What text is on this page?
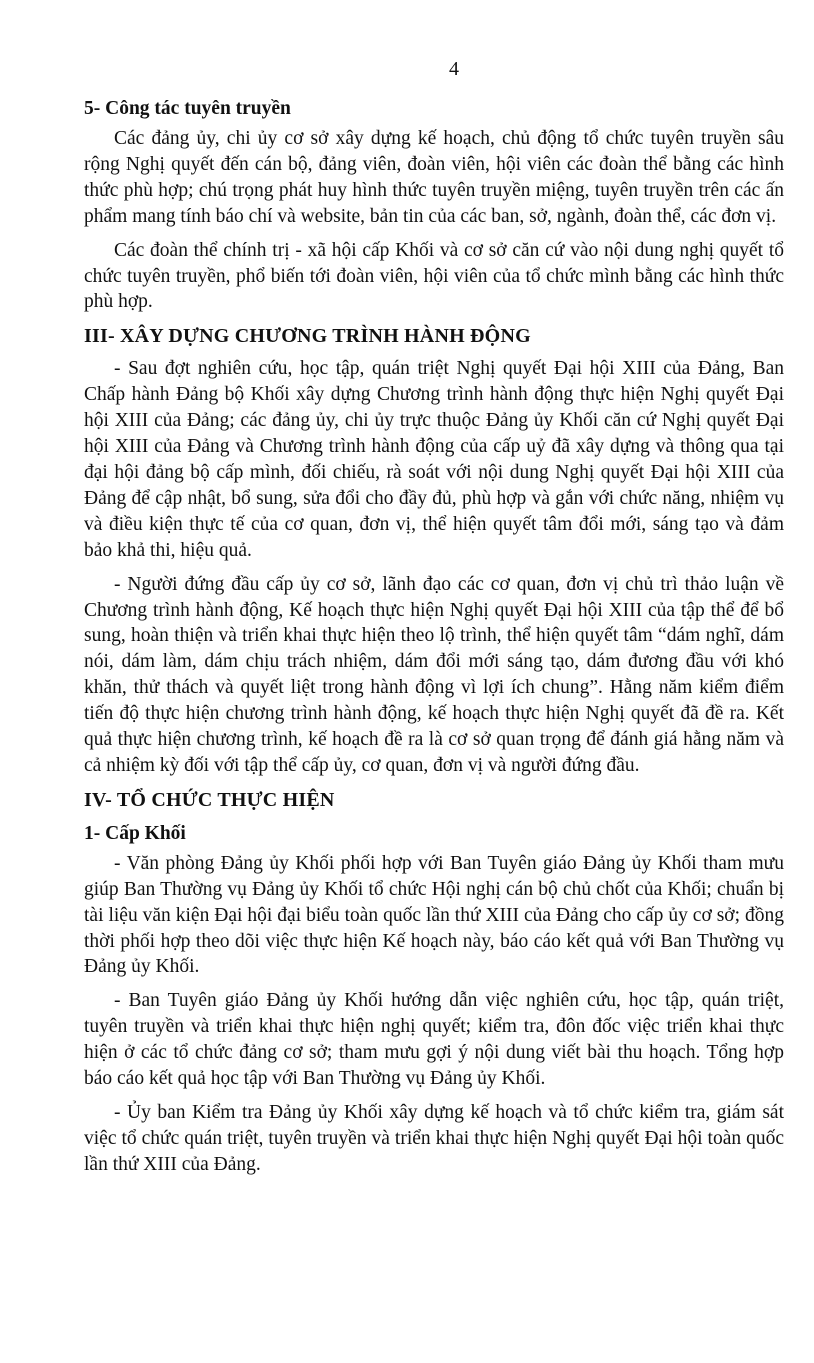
4
5- Công tác tuyên truyền

Các đảng ủy, chi ủy cơ sở xây dựng kế hoạch, chủ động tổ chức tuyên truyền sâu rộng Nghị quyết đến cán bộ, đảng viên, đoàn viên, hội viên các đoàn thể bằng các hình thức phù hợp; chú trọng phát huy hình thức tuyên truyền miệng, tuyên truyền trên các ấn phẩm mang tính báo chí và website, bản tin của các ban, sở, ngành, đoàn thể, các đơn vị.

Các đoàn thể chính trị - xã hội cấp Khối và cơ sở căn cứ vào nội dung nghị quyết tổ chức tuyên truyền, phổ biến tới đoàn viên, hội viên của tổ chức mình bằng các hình thức phù hợp.

III- XÂY DỰNG CHƯƠNG TRÌNH HÀNH ĐỘNG

- Sau đợt nghiên cứu, học tập, quán triệt Nghị quyết Đại hội XIII của Đảng, Ban Chấp hành Đảng bộ Khối xây dựng Chương trình hành động thực hiện Nghị quyết Đại hội XIII của Đảng; các đảng ủy, chi ủy trực thuộc Đảng ủy Khối căn cứ Nghị quyết Đại hội XIII của Đảng và Chương trình hành động của cấp uỷ đã xây dựng và thông qua tại đại hội đảng bộ cấp mình, đối chiếu, rà soát với nội dung Nghị quyết Đại hội XIII của Đảng để cập nhật, bổ sung, sửa đổi cho đầy đủ, phù hợp và gắn với chức năng, nhiệm vụ và điều kiện thực tế của cơ quan, đơn vị, thể hiện quyết tâm đổi mới, sáng tạo và đảm bảo khả thi, hiệu quả.

- Người đứng đầu cấp ủy cơ sở, lãnh đạo các cơ quan, đơn vị chủ trì thảo luận về Chương trình hành động, Kế hoạch thực hiện Nghị quyết Đại hội XIII của tập thể để bổ sung, hoàn thiện và triển khai thực hiện theo lộ trình, thể hiện quyết tâm “dám nghĩ, dám nói, dám làm, dám chịu trách nhiệm, dám đổi mới sáng tạo, dám đương đầu với khó khăn, thử thách và quyết liệt trong hành động vì lợi ích chung”. Hằng năm kiểm điểm tiến độ thực hiện chương trình hành động, kế hoạch thực hiện Nghị quyết đã đề ra. Kết quả thực hiện chương trình, kế hoạch đề ra là cơ sở quan trọng để đánh giá hằng năm và cả nhiệm kỳ đối với tập thể cấp ủy, cơ quan, đơn vị và người đứng đầu.

IV- TỔ CHỨC THỰC HIỆN
1- Cấp Khối

- Văn phòng Đảng ủy Khối phối hợp với Ban Tuyên giáo Đảng ủy Khối tham mưu giúp Ban Thường vụ Đảng ủy Khối tổ chức Hội nghị cán bộ chủ chốt của Khối; chuẩn bị tài liệu văn kiện Đại hội đại biểu toàn quốc lần thứ XIII của Đảng cho cấp ủy cơ sở; đồng thời phối hợp theo dõi việc thực hiện Kế hoạch này, báo cáo kết quả với Ban Thường vụ Đảng ủy Khối.

- Ban Tuyên giáo Đảng ủy Khối hướng dẫn việc nghiên cứu, học tập, quán triệt, tuyên truyền và triển khai thực hiện nghị quyết; kiểm tra, đôn đốc việc triển khai thực hiện ở các tổ chức đảng cơ sở; tham mưu gợi ý nội dung viết bài thu hoạch. Tổng hợp báo cáo kết quả học tập với Ban Thường vụ Đảng ủy Khối.

- Ủy ban Kiểm tra Đảng ủy Khối xây dựng kế hoạch và tổ chức kiểm tra, giám sát việc tổ chức quán triệt, tuyên truyền và triển khai thực hiện Nghị quyết Đại hội toàn quốc lần thứ XIII của Đảng.
